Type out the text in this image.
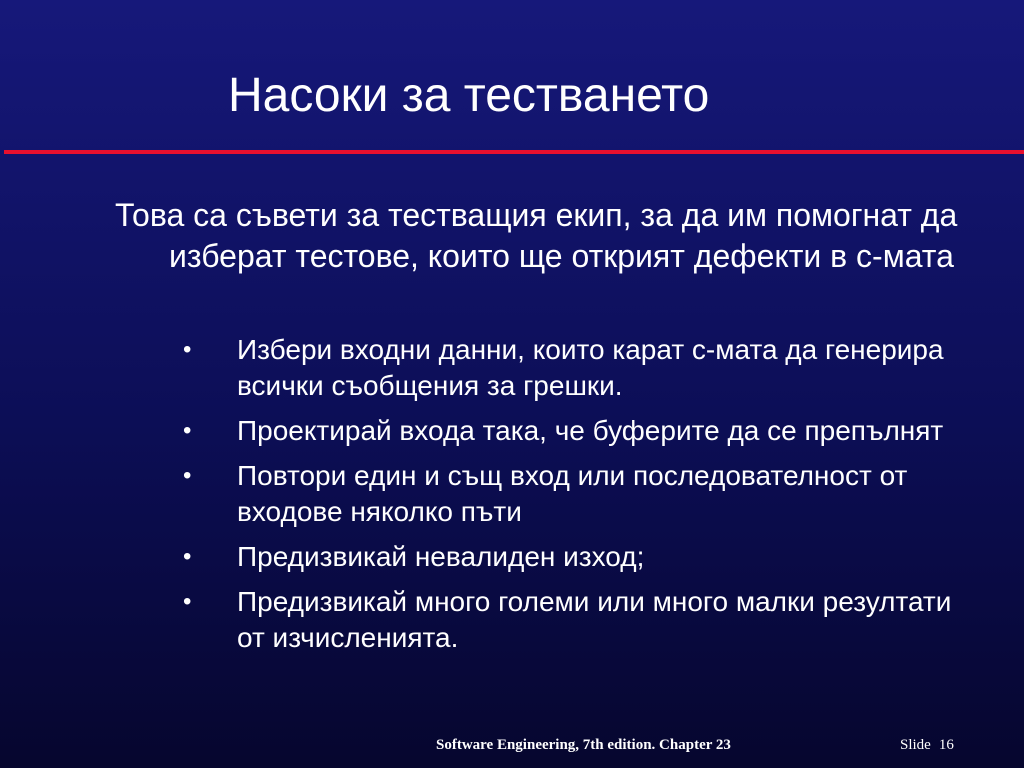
Насоки за тестването
Това са съвети за тестващия екип, за да им помогнат да изберат тестове, които ще открият дефекти в с-мата
• Избери входни данни, които карат с-мата да генерира всички съобщения за грешки.
• Проектирай входа така, че буферите да се препълнят
• Повтори един и същ вход или последователност от входове няколко пъти
• Предизвикай невалиден изход;
• Предизвикай много големи или много малки резултати от изчисленията.
Software Engineering, 7th edition. Chapter 23	Slide 16
